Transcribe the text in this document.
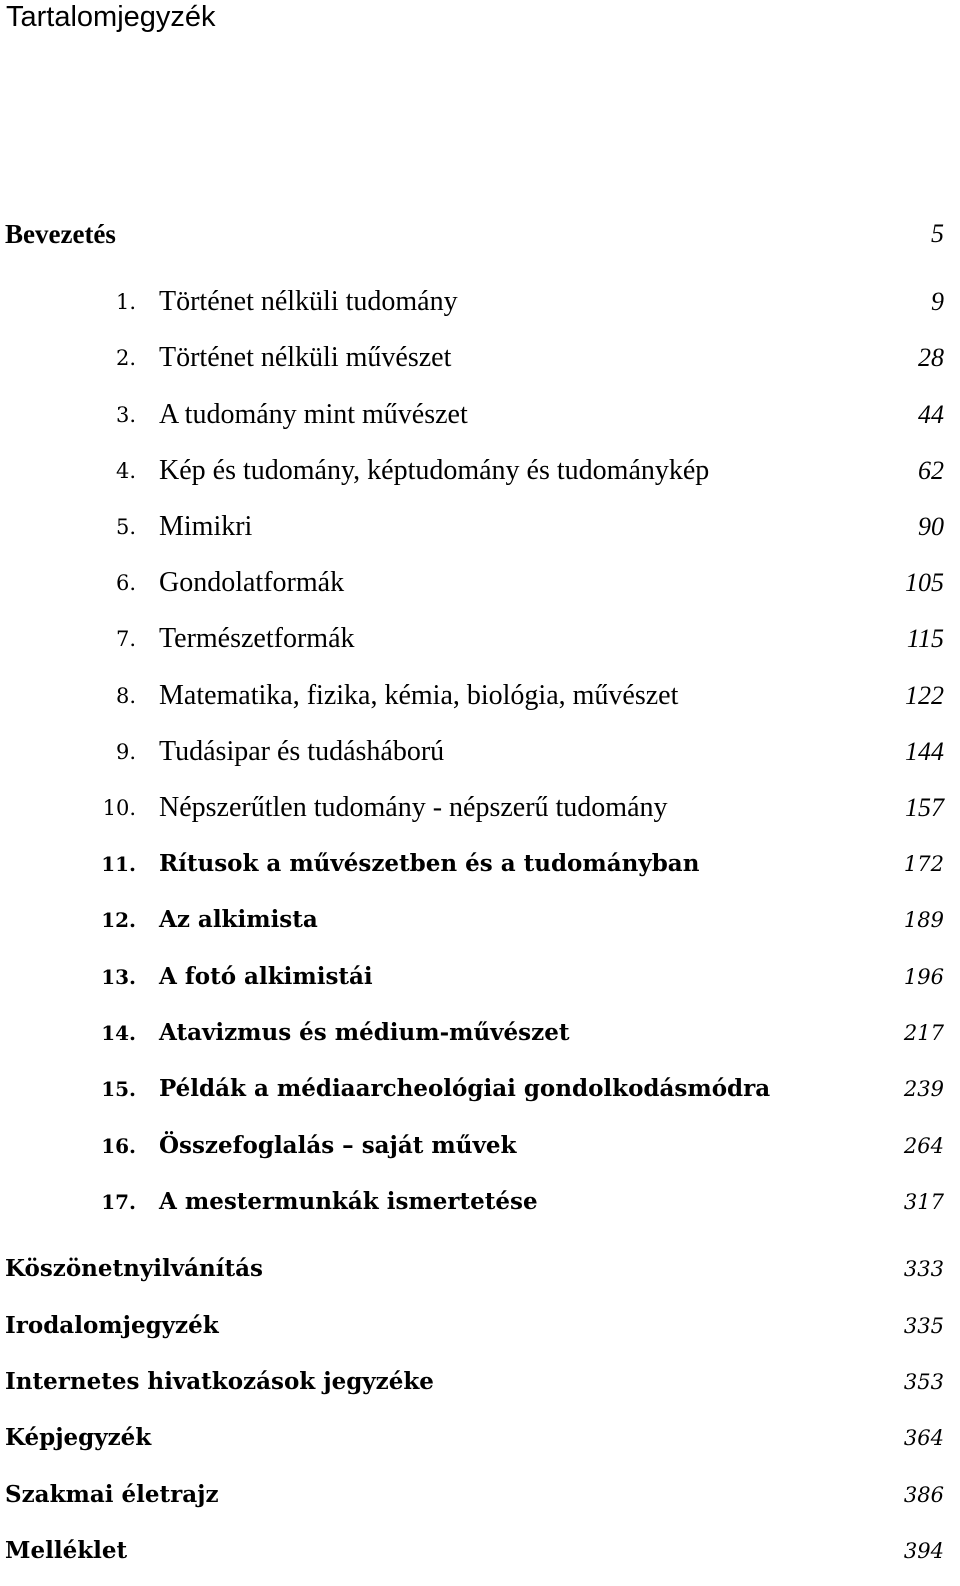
Tartalomjegyzék
Bevezetés	5
1. Történet nélküli tudomány	9
2. Történet nélküli művészet	28
3. A tudomány mint művészet	44
4. Kép és tudomány, képtudomány és tudománykép	62
5. Mimikri	90
6. Gondolatformák	105
7. Természetformák	115
8. Matematika, fizika, kémia, biológia, művészet	122
9. Tudásipar és tudásháború	144
10. Népszerűtlen tudomány - népszerű tudomány	157
11. Rítusok a művészetben és a tudományban	172
12. Az alkimista	189
13. A fotó alkimistái	196
14. Atavizmus és médium-művészet	217
15. Példák a médiaarcheológiai gondolkodásmódra	239
16. Összefoglalás – saját művek	264
17. A mestermunkák ismertetése	317
Köszönetnyilvánítás	333
Irodalomjegyzék	335
Internetes hivatkozások jegyzéke	353
Képjegyzék	364
Szakmai életrajz	386
Melléklet	394
